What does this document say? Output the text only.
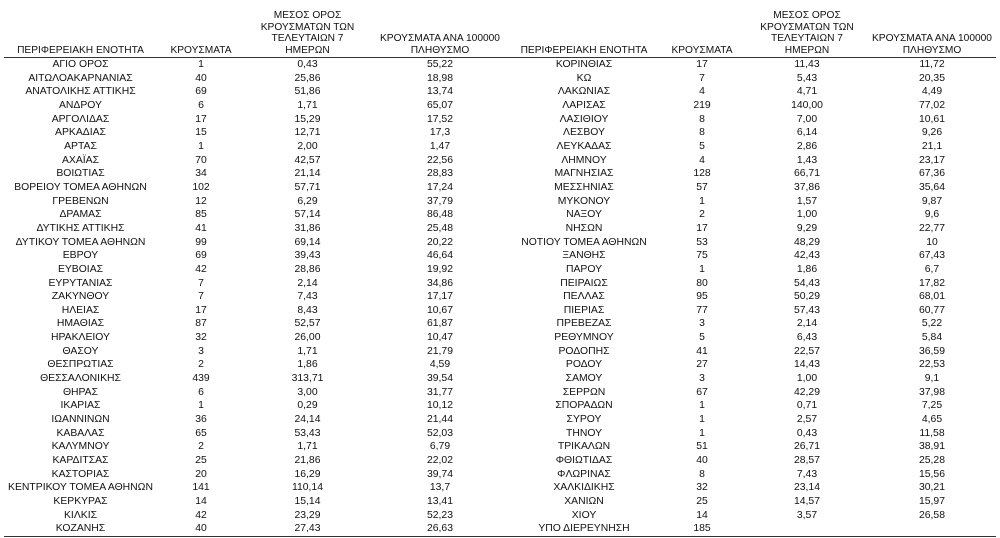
ΠΕΡΙΦΕΡΕΙΑΚΗ ΕΝΟΤΗΤΑ	ΚΡΟΥΣΜΑΤΑ	ΜΕΣΟΣ ΟΡΟΣ ΚΡΟΥΣΜΑΤΩΝ ΤΩΝ ΤΕΛΕΥΤΑΙΩΝ 7 ΗΜΕΡΩΝ	ΚΡΟΥΣΜΑΤΑ ΑΝΑ 100000 ΠΛΗΘΥΣΜΟ
ΑΓΙΟ ΟΡΟΣ	1	0,43	55,22
ΑΙΤΩΛΟΑΚΑΡΝΑΝΙΑΣ	40	25,86	18,98
ΑΝΑΤΟΛΙΚΗΣ ΑΤΤΙΚΗΣ	69	51,86	13,74
ΑΝΔΡΟΥ	6	1,71	65,07
ΑΡΓΟΛΙΔΑΣ	17	15,29	17,52
ΑΡΚΑΔΙΑΣ	15	12,71	17,3
ΑΡΤΑΣ	1	2,00	1,47
ΑΧΑΪΑΣ	70	42,57	22,56
ΒΟΙΩΤΙΑΣ	34	21,14	28,83
ΒΟΡΕΙΟΥ ΤΟΜΕΑ ΑΘΗΝΩΝ	102	57,71	17,24
ΓΡΕΒΕΝΩΝ	12	6,29	37,79
ΔΡΑΜΑΣ	85	57,14	86,48
ΔΥΤΙΚΗΣ ΑΤΤΙΚΗΣ	41	31,86	25,48
ΔΥΤΙΚΟΥ ΤΟΜΕΑ ΑΘΗΝΩΝ	99	69,14	20,22
ΕΒΡΟΥ	69	39,43	46,64
ΕΥΒΟΙΑΣ	42	28,86	19,92
ΕΥΡΥΤΑΝΙΑΣ	7	2,14	34,86
ΖΑΚΥΝΘΟΥ	7	7,43	17,17
ΗΛΕΙΑΣ	17	8,43	10,67
ΗΜΑΘΙΑΣ	87	52,57	61,87
ΗΡΑΚΛΕΙΟΥ	32	26,00	10,47
ΘΑΣΟΥ	3	1,71	21,79
ΘΕΣΠΡΩΤΙΑΣ	2	1,86	4,59
ΘΕΣΣΑΛΟΝΙΚΗΣ	439	313,71	39,54
ΘΗΡΑΣ	6	3,00	31,77
ΙΚΑΡΙΑΣ	1	0,29	10,12
ΙΩΑΝΝΙΝΩΝ	36	24,14	21,44
ΚΑΒΑΛΑΣ	65	53,43	52,03
ΚΑΛΥΜΝΟΥ	2	1,71	6,79
ΚΑΡΔΙΤΣΑΣ	25	21,86	22,02
ΚΑΣΤΟΡΙΑΣ	20	16,29	39,74
ΚΕΝΤΡΙΚΟΥ ΤΟΜΕΑ ΑΘΗΝΩΝ	141	110,14	13,7
ΚΕΡΚΥΡΑΣ	14	15,14	13,41
ΚΙΛΚΙΣ	42	23,29	52,23
ΚΟΖΑΝΗΣ	40	27,43	26,63
ΠΕΡΙΦΕΡΕΙΑΚΗ ΕΝΟΤΗΤΑ	ΚΡΟΥΣΜΑΤΑ	ΜΕΣΟΣ ΟΡΟΣ ΚΡΟΥΣΜΑΤΩΝ ΤΩΝ ΤΕΛΕΥΤΑΙΩΝ 7 ΗΜΕΡΩΝ	ΚΡΟΥΣΜΑΤΑ ΑΝΑ 100000 ΠΛΗΘΥΣΜΟ
ΚΟΡΙΝΘΙΑΣ	17	11,43	11,72
ΚΩ	7	5,43	20,35
ΛΑΚΩΝΙΑΣ	4	4,71	4,49
ΛΑΡΙΣΑΣ	219	140,00	77,02
ΛΑΣΙΘΙΟΥ	8	7,00	10,61
ΛΕΣΒΟΥ	8	6,14	9,26
ΛΕΥΚΑΔΑΣ	5	2,86	21,1
ΛΗΜΝΟΥ	4	1,43	23,17
ΜΑΓΝΗΣΙΑΣ	128	66,71	67,36
ΜΕΣΣΗΝΙΑΣ	57	37,86	35,64
ΜΥΚΟΝΟΥ	1	1,57	9,87
ΝΑΞΟΥ	2	1,00	9,6
ΝΗΣΩΝ	17	9,29	22,77
ΝΟΤΙΟΥ ΤΟΜΕΑ ΑΘΗΝΩΝ	53	48,29	10
ΞΑΝΘΗΣ	75	42,43	67,43
ΠΑΡΟΥ	1	1,86	6,7
ΠΕΙΡΑΙΩΣ	80	54,43	17,82
ΠΕΛΛΑΣ	95	50,29	68,01
ΠΙΕΡΙΑΣ	77	57,43	60,77
ΠΡΕΒΕΖΑΣ	3	2,14	5,22
ΡΕΘΥΜΝΟΥ	5	6,43	5,84
ΡΟΔΟΠΗΣ	41	22,57	36,59
ΡΟΔΟΥ	27	14,43	22,53
ΣΑΜΟΥ	3	1,00	9,1
ΣΕΡΡΩΝ	67	42,29	37,98
ΣΠΟΡΑΔΩΝ	1	0,71	7,25
ΣΥΡΟΥ	1	2,57	4,65
ΤΗΝΟΥ	1	0,43	11,58
ΤΡΙΚΑΛΩΝ	51	26,71	38,91
ΦΘΙΩΤΙΔΑΣ	40	28,57	25,28
ΦΛΩΡΙΝΑΣ	8	7,43	15,56
ΧΑΛΚΙΔΙΚΗΣ	32	23,14	30,21
ΧΑΝΙΩΝ	25	14,57	15,97
ΧΙΟΥ	14	3,57	26,58
ΥΠΟ ΔΙΕΡΕΥΝΗΣΗ	185		
